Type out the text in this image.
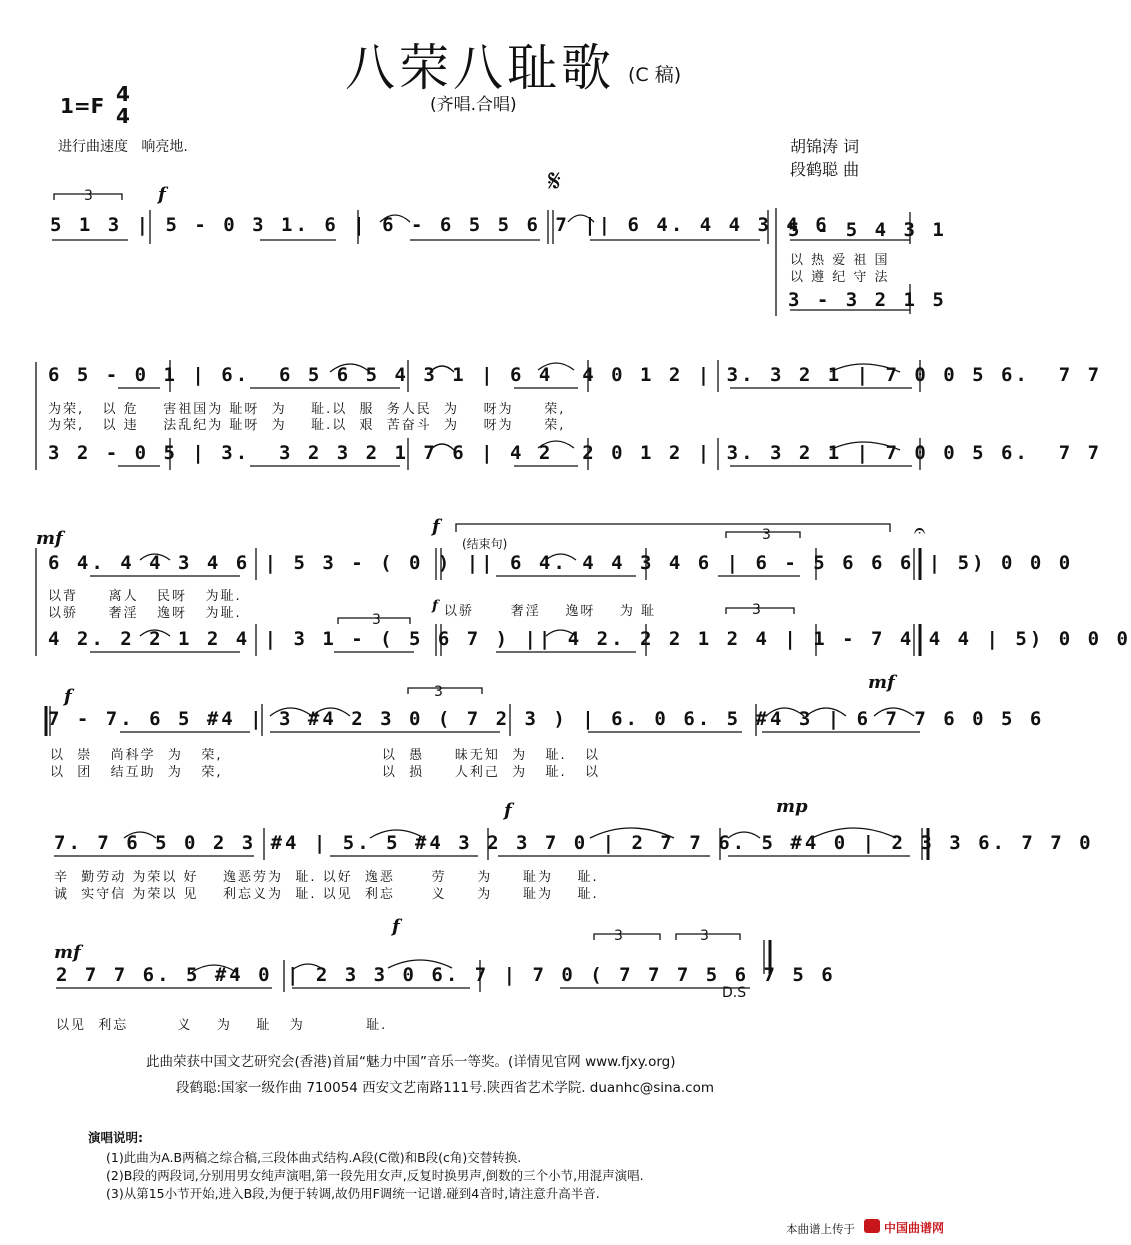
八荣八耻歌 (C 稿)
(齐唱.合唱)
1=F 4
4
进行曲速度   响亮地.	胡锦涛 词
段鹤聪 曲
𝄋
f
3
5 1 3 | 5 - 0 3 1. 6 | 6 - 6 5 5 6 7 || 6 4. 4 4 3 4 6
5 - 5 4 3 1
以 热 爱 祖 国
以 遵 纪 守 法
3 - 3 2 1 5
6 5 - 0 1 | 6.  6 5 6 5 4 3 1 | 6 4  4 0 1 2 | 3. 3 2 1 | 7 0 0 5 6.  7 7
为荣,   以 危    害祖国为 耻呀  为    耻.以  服  务人民  为    呀为     荣,
为荣,   以 违    法乱纪为 耻呀  为    耻.以  艰  苦奋斗  为    呀为     荣,
3 2 - 0 5 | 3.  3 2 3 2 1 7 6 | 4 2  2 0 1 2 | 3. 3 2 1 | 7 0 0 5 6.  7 7
mf
f
(结束句)
3	𝄐
6 4. 4 4 3 4 6 | 5 3 - ( 0 ) || 6 4. 4 4 3 4 6 | 6 - 5 6 6 6 | 5) 0 0 0
以背     离人   民呀   为耻.
以骄     奢淫   逸呀   为耻.	f 以骄      奢淫    逸呀    为 耻
3
3
4 2. 2 2 1 2 4 | 3 1 - ( 5 6 7 ) || 4 2. 2 2 1 2 4 | 1 - 7 4 4 4 | 5) 0 0 0
f
mf
3
7 - 7. 6 5 #4 | 3 #4 2 3 0 ( 7 2 3 ) | 6. 0 6. 5 #4 3 | 6 7 7 6 0 5 6
以  崇   尚科学  为   荣,                          以  愚     昧无知  为   耻.   以
以  团   结互助  为   荣,                          以  损     人利己  为   耻.   以
f	mp
7. 7 6 5 0 2 3 #4 | 5. 5 #4 3 2 3 7 0 | 2 7 7 6. 5 #4 0 | 2 3 3 6. 7 7 0
辛  勤劳动 为荣以 好    逸恶劳为  耻. 以好  逸恶      劳     为     耻为    耻.
诚  实守信 为荣以 见    利忘义为  耻. 以见  利忘      义     为     耻为    耻.
mf
f	3	3
2 7 7 6. 5 #4 0 | 2 3 3 0 6. 7 | 7 0 ( 7 7 7 5 6 7 5 6
D.S
以见  利忘        义    为    耻   为          耻.
此曲荣获中国文艺研究会(香港)首届“魅力中国”音乐一等奖。(详情见官网 www.fjxy.org)
段鹤聪:国家一级作曲 710054 西安文艺南路111号.陕西省艺术学院. duanhc@sina.com
演唱说明:
(1)此曲为A.B两稿之综合稿,三段体曲式结构.A段(C徵)和B段(c角)交替转换.
(2)B段的两段词,分别用男女纯声演唱,第一段先用女声,反复时换男声,倒数的三个小节,用混声演唱.
(3)从第15小节开始,进入B段,为便于转调,故仍用F调统一记谱.碰到4音时,请注意升高半音.
本曲谱上传于 中国曲谱网
